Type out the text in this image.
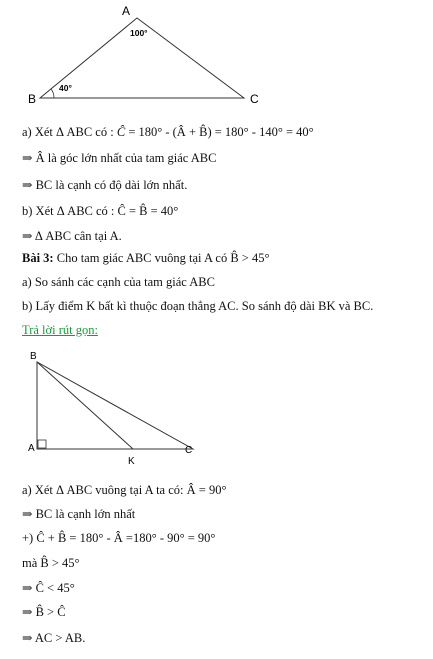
A
B	C
100°
40°
a) Xét Δ ABC có : Ĉ = 180° - (Â + B̂) = 180° - 140° = 40°
⇒ Â là góc lớn nhất của tam giác ABC
⇒ BC là cạnh có độ dài lớn nhất.
b) Xét Δ ABC có : Ĉ = B̂ = 40°
⇒ Δ ABC cân tại A.
Bài 3: Cho tam giác ABC vuông tại A có B̂ > 45°
a) So sánh các cạnh của tam giác ABC
b) Lấy điểm K bất kì thuộc đoạn thẳng AC. So sánh độ dài BK và BC.
Trả lời rút gọn:
B
A	C
K
a) Xét Δ ABC vuông tại A ta có: Â = 90°
⇒ BC là cạnh lớn nhất
+) Ĉ + B̂ = 180° - Â =180° - 90° = 90°
mà B̂ > 45°
⇒ Ĉ < 45°
⇒ B̂ > Ĉ
⇒ AC > AB.
